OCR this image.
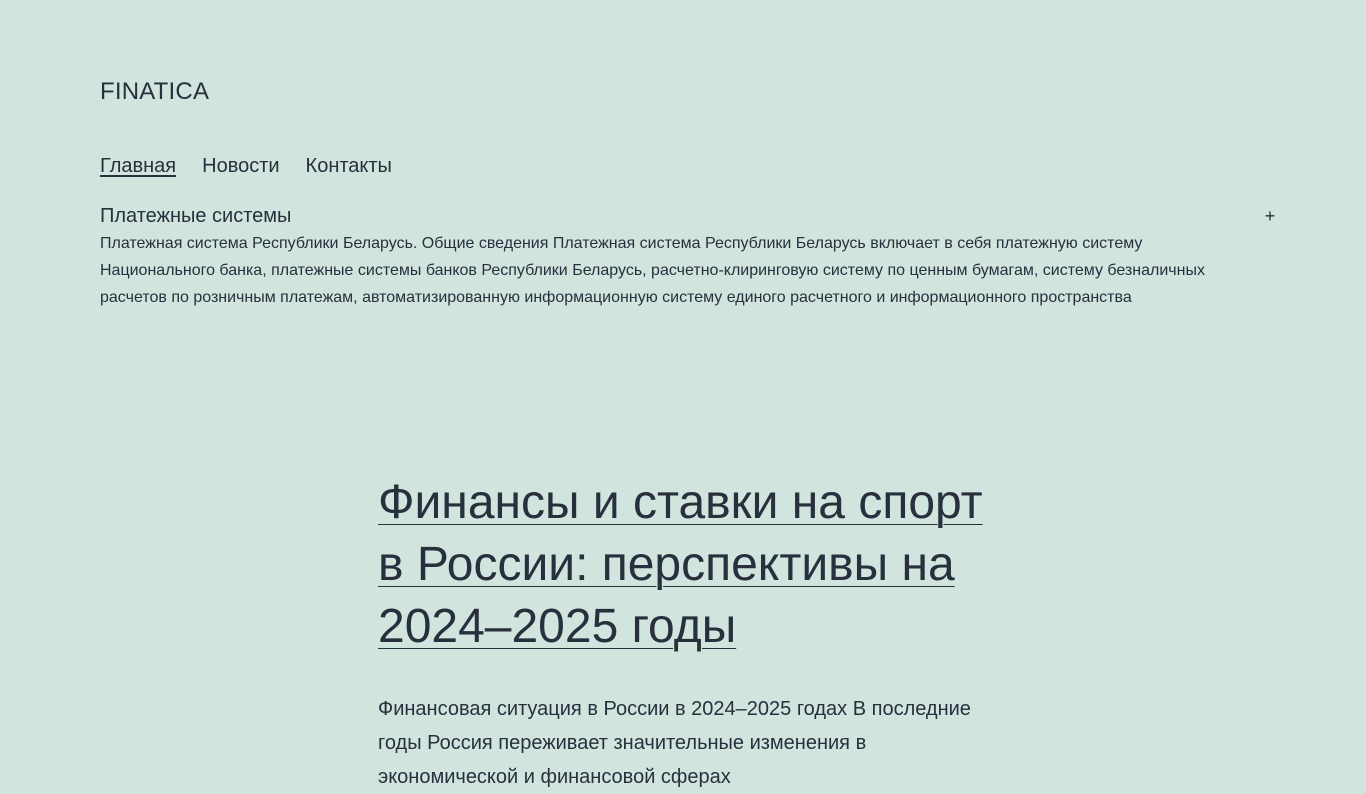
FINATICA
Главная Новости Контакты
Платежные системы	+
Платежная система Республики Беларусь. Общие сведения Платежная система Республики Беларусь включает в себя платежную систему Национального банка, платежные системы банков Республики Беларусь, расчетно-клиринговую систему по ценным бумагам, систему безналичных расчетов по розничным платежам, автоматизированную информационную систему единого расчетного и информационного пространства
Финансы и ставки на спорт в России: перспективы на 2024–2025 годы
Финансовая ситуация в России в 2024–2025 годах В последние годы Россия переживает значительные изменения в экономической и финансовой сферах
